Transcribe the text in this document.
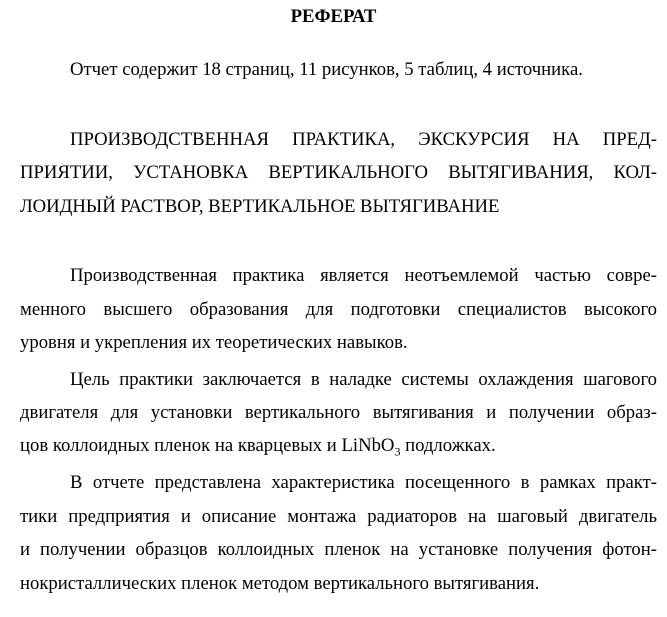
РЕФЕРАТ
Отчет содержит 18 страниц, 11 рисунков, 5 таблиц, 4 источника.
ПРОИЗВОДСТВЕННАЯ ПРАКТИКА, ЭКСКУРСИЯ НА ПРЕД-
ПРИЯТИИ, УСТАНОВКА ВЕРТИКАЛЬНОГО ВЫТЯГИВАНИЯ, КОЛ-
ЛОИДНЫЙ РАСТВОР, ВЕРТИКАЛЬНОЕ ВЫТЯГИВАНИЕ
Производственная практика является неотъемлемой частью совре-
менного высшего образования для подготовки специалистов высокого
уровня и укрепления их теоретических навыков.
Цель практики заключается в наладке системы охлаждения шагового
двигателя для установки вертикального вытягивания и получении образ-
цов коллоидных пленок на кварцевых и LiNbO$_3$ подложках.
В отчете представлена характеристика посещенного в рамках практ-
тики предприятия и описание монтажа радиаторов на шаговый двигатель
и получении образцов коллоидных пленок на установке получения фотон-
нокристаллических пленок методом вертикального вытягивания.
